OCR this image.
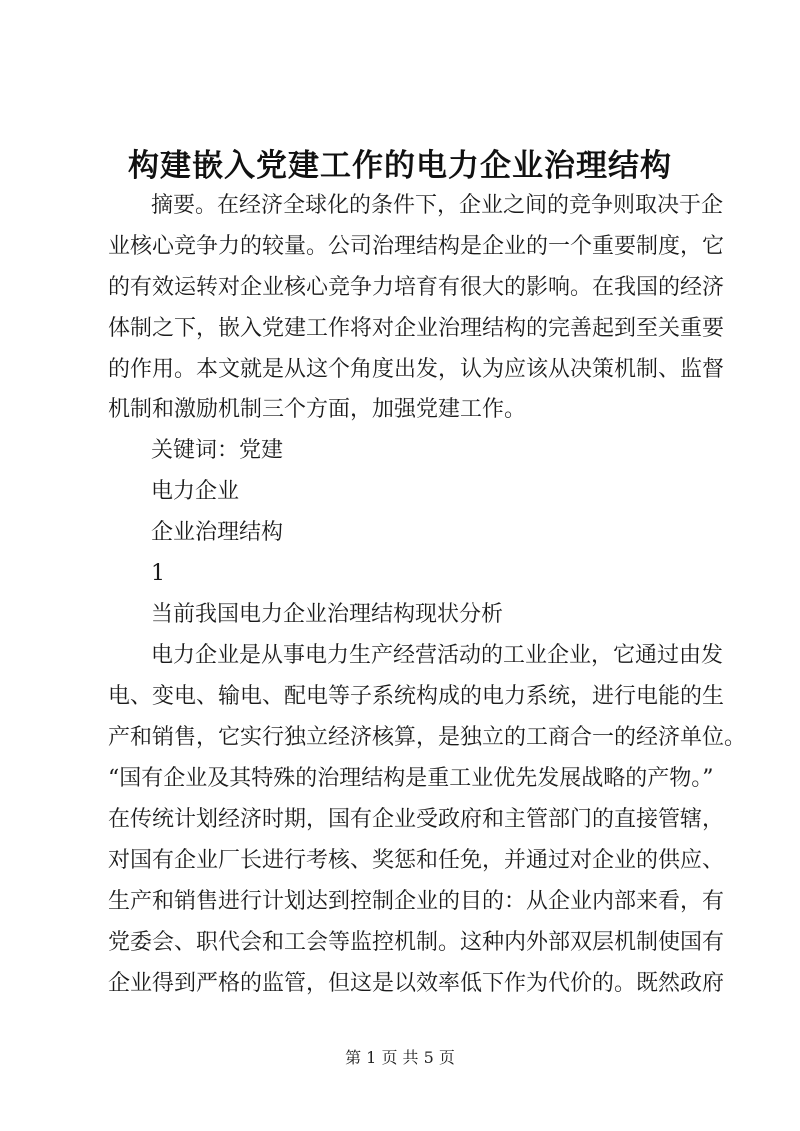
构建嵌入党建工作的电力企业治理结构
摘要。在经济全球化的条件下，企业之间的竞争则取决于企
业核心竞争力的较量。公司治理结构是企业的一个重要制度，它
的有效运转对企业核心竞争力培育有很大的影响。在我国的经济
体制之下，嵌入党建工作将对企业治理结构的完善起到至关重要
的作用。本文就是从这个角度出发，认为应该从决策机制、监督
机制和激励机制三个方面，加强党建工作。
关键词：党建
电力企业
企业治理结构
1
当前我国电力企业治理结构现状分析
电力企业是从事电力生产经营活动的工业企业，它通过由发
电、变电、输电、配电等子系统构成的电力系统，进行电能的生
产和销售，它实行独立经济核算，是独立的工商合一的经济单位。
“国有企业及其特殊的治理结构是重工业优先发展战略的产物。”
在传统计划经济时期，国有企业受政府和主管部门的直接管辖，
对国有企业厂长进行考核、奖惩和任免，并通过对企业的供应、
生产和销售进行计划达到控制企业的目的：从企业内部来看，有
党委会、职代会和工会等监控机制。这种内外部双层机制使国有
企业得到严格的监管，但这是以效率低下作为代价的。既然政府
第 1 页 共 5 页
